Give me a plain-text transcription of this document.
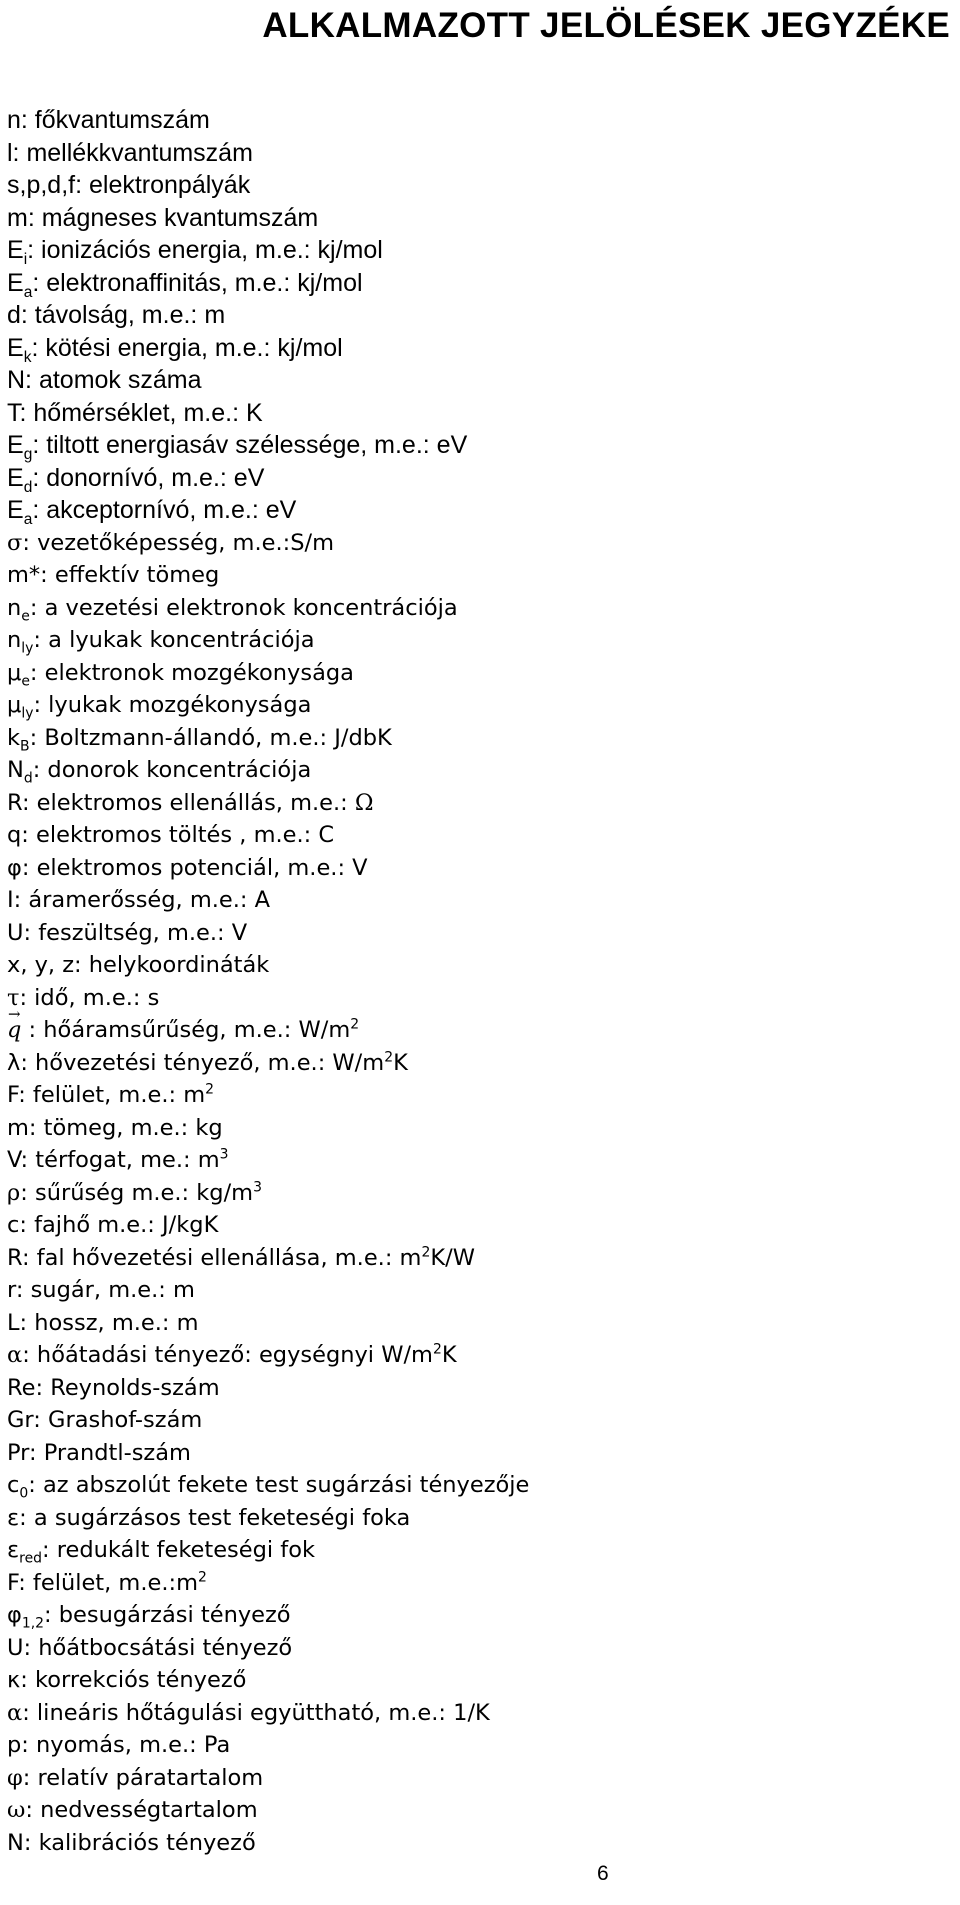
ALKALMAZOTT JELÖLÉSEK JEGYZÉKE
n: főkvantumszám
l: mellékkvantumszám
s,p,d,f: elektronpályák
m: mágneses kvantumszám
$E_i$: ionizációs energia, m.e.: kj/mol
$E_a$: elektronaffinitás, m.e.: kj/mol
d: távolság, m.e.: m
$E_k$: kötési energia, m.e.: kj/mol
N: atomok száma
T: hőmérséklet, m.e.: K
$E_g$: tiltott energiasáv szélessége, m.e.: eV
$E_d$: donornívó, m.e.: eV
$E_a$: akceptornívó, m.e.: eV
σ: vezetőképesség, m.e.:S/m
m*: effektív tömeg
$n_e$: a vezetési elektronok koncentrációja
$n_{ly}$: a lyukak koncentrációja
$\mu_e$: elektronok mozgékonysága
$\mu_{ly}$: lyukak mozgékonysága
$k_B$: Boltzmann-állandó, m.e.: J/dbK
$N_d$: donorok koncentrációja
R: elektromos ellenállás, m.e.: Ω
q: elektromos töltés , m.e.: C
φ: elektromos potenciál, m.e.: V
I: áramerősség, m.e.: A
U: feszültség, m.e.: V
x, y, z: helykoordináták
τ: idő, m.e.: s
→ q : hőáramsűrűség, m.e.: $W/m^2$
λ: hővezetési tényező, m.e.: $W/m^2K$
F: felület, m.e.: $m^2$
m: tömeg, m.e.: kg
V: térfogat, me.: $m^3$
ρ: sűrűség m.e.: $kg/m^3$
c: fajhő m.e.: J/kgK
R: fal hővezetési ellenállása, m.e.: $m^2K/W$
r: sugár, m.e.: m
L: hossz, m.e.: m
α: hőátadási tényező: egységnyi $W/m^2K$
Re: Reynolds-szám
Gr: Grashof-szám
Pr: Prandtl-szám
$c_0$: az abszolút fekete test sugárzási tényezője
ε: a sugárzásos test feketeségi foka
$\varepsilon_{red}$: redukált feketeségi fok
F: felület, $m.e.:m^2$
$\varphi_{1,2}$: besugárzási tényező
U: hőátbocsátási tényező
κ: korrekciós tényező
α: lineáris hőtágulási együttható, m.e.: 1/K
p: nyomás, m.e.: Pa
φ: relatív páratartalom
ω: nedvességtartalom
N: kalibrációs tényező
6
